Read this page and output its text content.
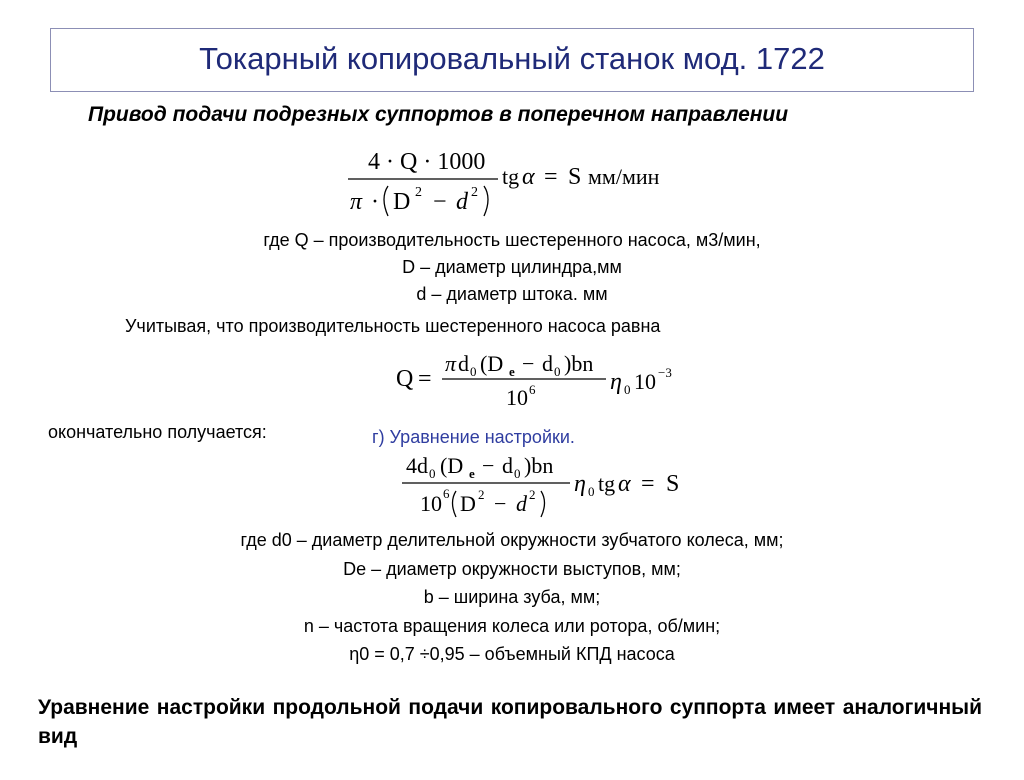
Токарный копировальный станок мод. 1722
Привод подачи подрезных суппортов в поперечном направлении
4 · Q · 1000
π · D 2 − d 2
tg α = S мм/мин
где Q – производительность шестеренного насоса, м3/мин,
D – диаметр цилиндра,мм
d – диаметр штока. мм
Учитывая, что производительность шестеренного насоса равна
Q =
π d 0 (D e − d 0 )bn
10 6	η 0 10 −3
окончательно получается:	г) Уравнение настройки.
4d 0 (D e − d 0 )bn
10 6 D 2 − d 2 η 0 tg α = S
где d0 – диаметр делительной окружности зубчатого колеса, мм;
De – диаметр окружности выступов, мм;
b – ширина зуба, мм;
n – частота вращения колеса или ротора, об/мин;
η0 = 0,7 ÷0,95 – объемный КПД насоса
Уравнение настройки продольной подачи копировального суппорта имеет аналогичный вид
